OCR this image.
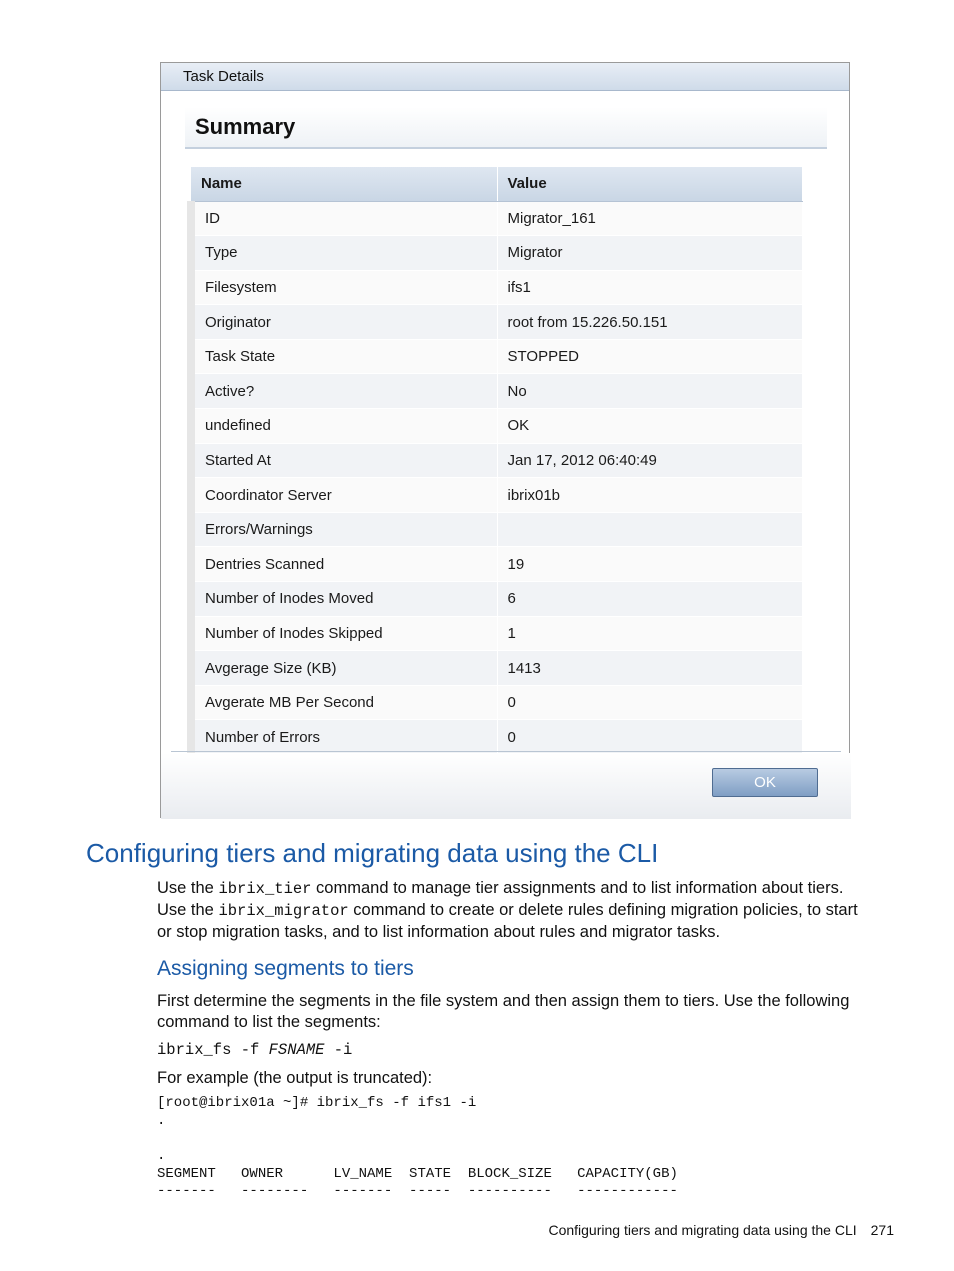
Task Details
Summary
Name	Value
ID	Migrator_161
Type	Migrator
Filesystem	ifs1
Originator	root from 15.226.50.151
Task State	STOPPED
Active?	No
undefined	OK
Started At	Jan 17, 2012 06:40:49
Coordinator Server	ibrix01b
Errors/Warnings	
Dentries Scanned	19
Number of Inodes Moved	6
Number of Inodes Skipped	1
Avgerage Size (KB)	1413
Avgerate MB Per Second	0
Number of Errors	0
OK
Configuring tiers and migrating data using the CLI
Use the ibrix_tier command to manage tier assignments and to list information about tiers.
Use the ibrix_migrator command to create or delete rules defining migration policies, to start
or stop migration tasks, and to list information about rules and migrator tasks.
Assigning segments to tiers
First determine the segments in the file system and then assign them to tiers. Use the following
command to list the segments:
ibrix_fs -f FSNAME -i
For example (the output is truncated):
[root@ibrix01a ~]# ibrix_fs -f ifs1 -i
.
.
SEGMENT   OWNER      LV_NAME  STATE  BLOCK_SIZE   CAPACITY(GB)
-------   --------   -------  -----  ----------   ------------
Configuring tiers and migrating data using the CLI 271
